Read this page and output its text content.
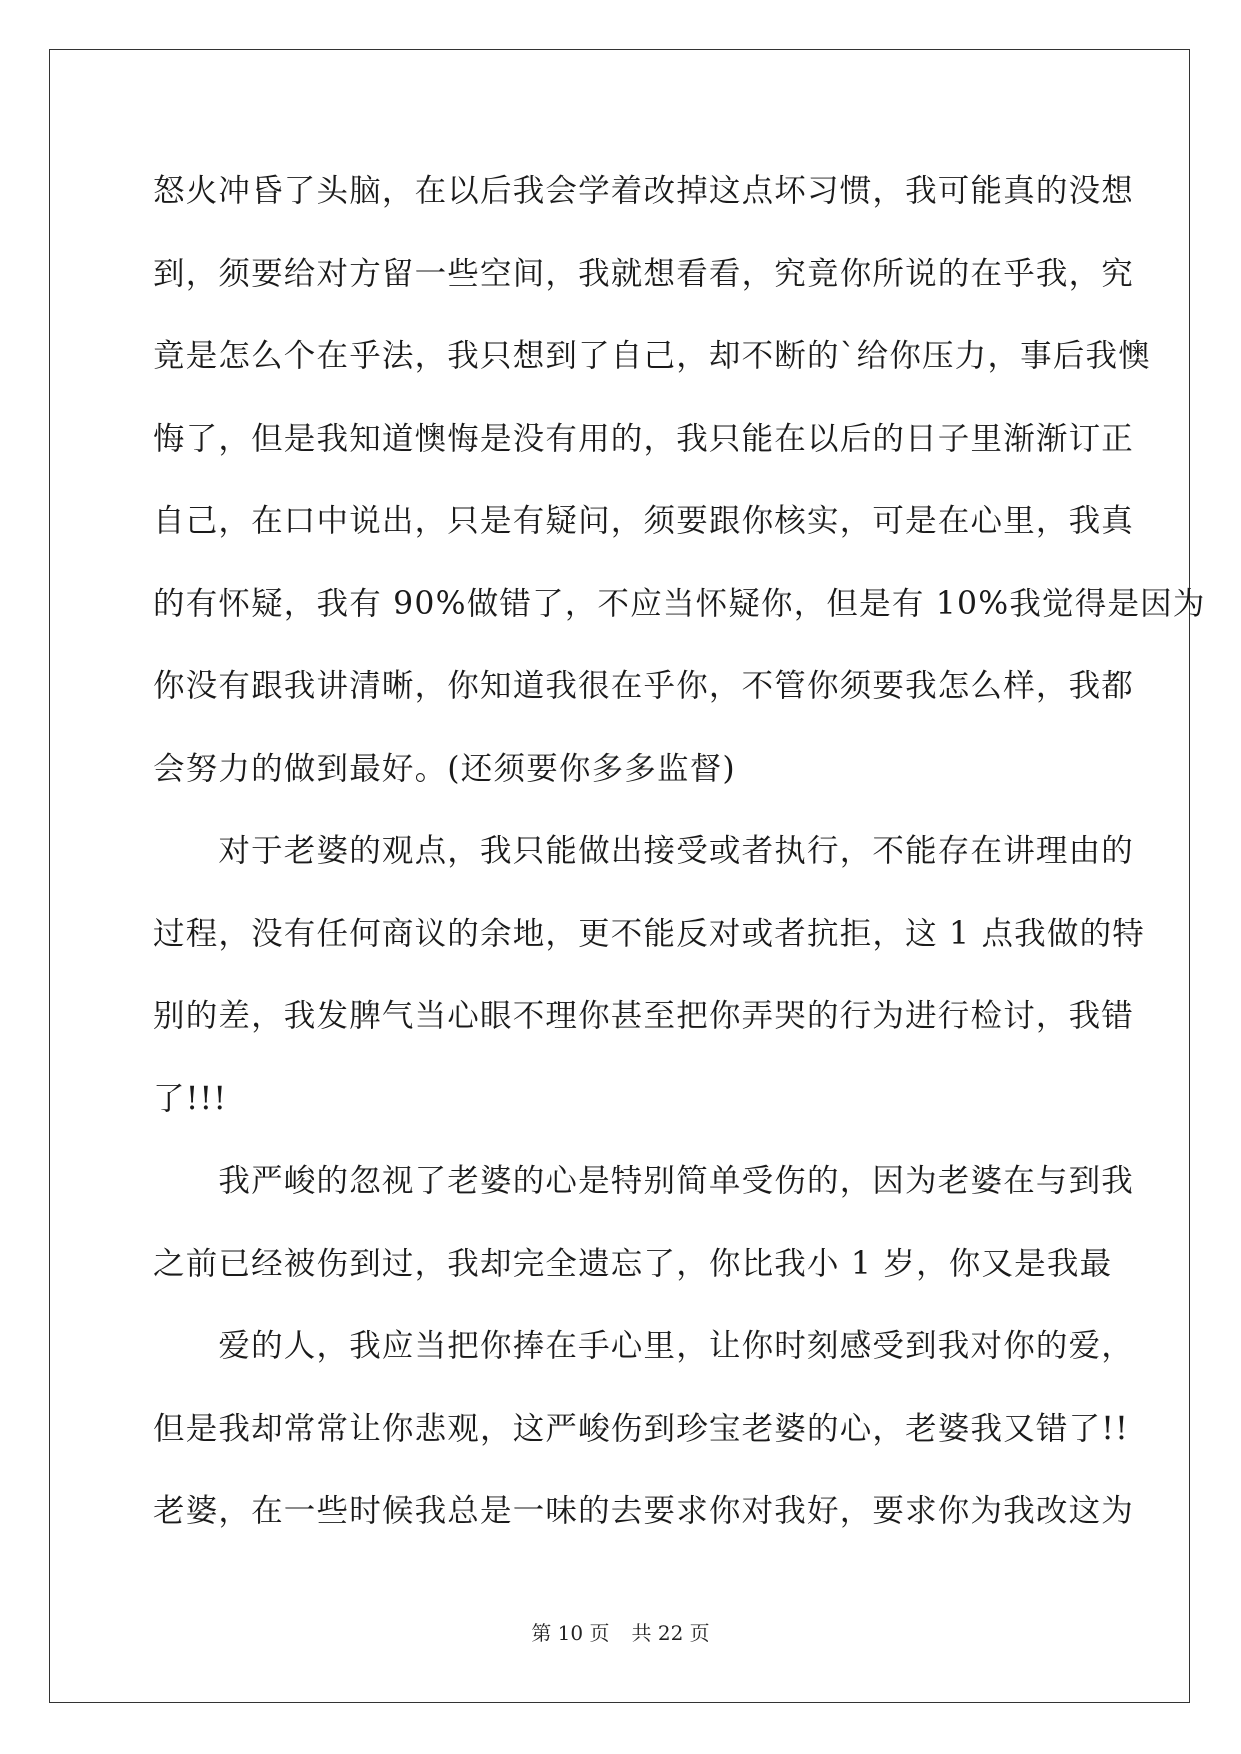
怒火冲昏了头脑，在以后我会学着改掉这点坏习惯，我可能真的没想
到，须要给对方留一些空间，我就想看看，究竟你所说的在乎我，究
竟是怎么个在乎法，我只想到了自己，却不断的`给你压力，事后我懊
悔了，但是我知道懊悔是没有用的，我只能在以后的日子里渐渐订正
自己，在口中说出，只是有疑问，须要跟你核实，可是在心里，我真
的有怀疑，我有 90%做错了，不应当怀疑你，但是有 10%我觉得是因为
你没有跟我讲清晰，你知道我很在乎你，不管你须要我怎么样，我都
会努力的做到最好。(还须要你多多监督)
　　对于老婆的观点，我只能做出接受或者执行，不能存在讲理由的
过程，没有任何商议的余地，更不能反对或者抗拒，这 1 点我做的特
别的差，我发脾气当心眼不理你甚至把你弄哭的行为进行检讨，我错
了!!!
　　我严峻的忽视了老婆的心是特别简单受伤的，因为老婆在与到我
之前已经被伤到过，我却完全遗忘了，你比我小 1 岁，你又是我最
　　爱的人，我应当把你捧在手心里，让你时刻感受到我对你的爱，
但是我却常常让你悲观，这严峻伤到珍宝老婆的心，老婆我又错了!!
老婆，在一些时候我总是一味的去要求你对我好，要求你为我改这为
第 10 页 共 22 页
